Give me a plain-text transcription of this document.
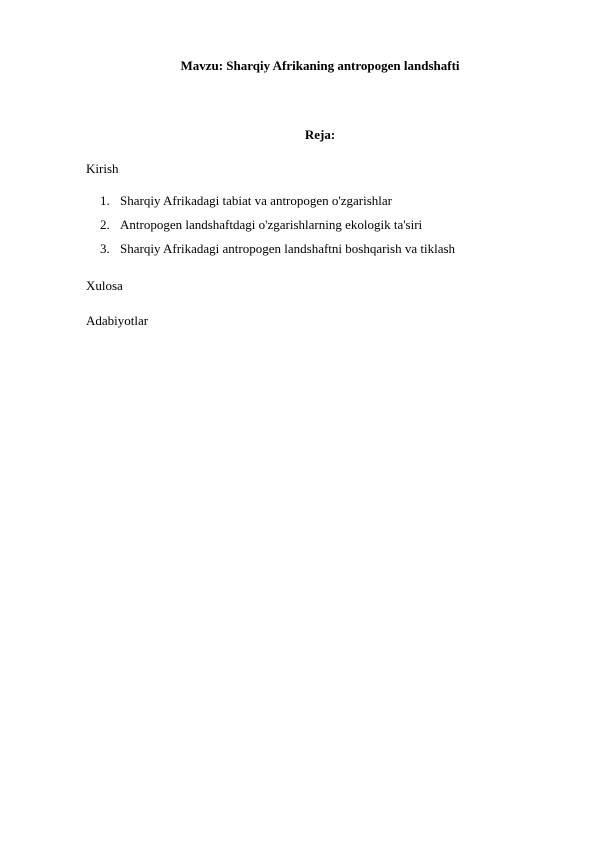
Mavzu: Sharqiy Afrikaning antropogen landshafti
Reja:
Kirish
1. Sharqiy Afrikadagi tabiat va antropogen o'zgarishlar
2. Antropogen landshaftdagi o'zgarishlarning ekologik ta'siri
3. Sharqiy Afrikadagi antropogen landshaftni boshqarish va tiklash
Xulosa
Adabiyotlar
